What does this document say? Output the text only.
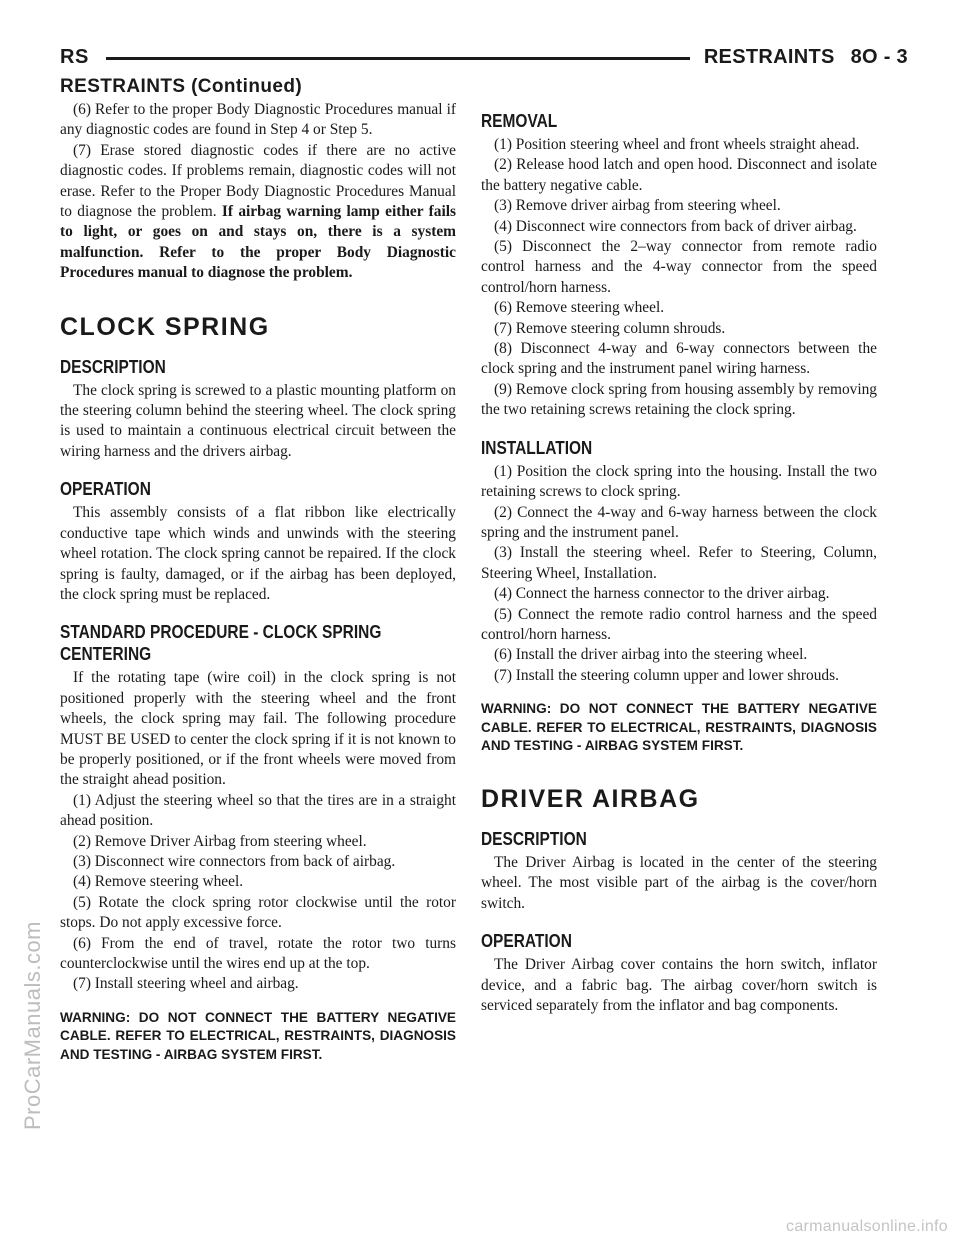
RS	RESTRAINTS 8O - 3
RESTRAINTS (Continued)

(6) Refer to the proper Body Diagnostic Procedures manual if any diagnostic codes are found in Step 4 or Step 5.

(7) Erase stored diagnostic codes if there are no active diagnostic codes. If problems remain, diagnostic codes will not erase. Refer to the Proper Body Diagnostic Procedures Manual to diagnose the problem. If airbag warning lamp either fails to light, or goes on and stays on, there is a system malfunction. Refer to the proper Body Diagnostic Procedures manual to diagnose the problem.

CLOCK SPRING
DESCRIPTION

The clock spring is screwed to a plastic mounting platform on the steering column behind the steering wheel. The clock spring is used to maintain a continuous electrical circuit between the wiring harness and the drivers airbag.

OPERATION

This assembly consists of a flat ribbon like electrically conductive tape which winds and unwinds with the steering wheel rotation. The clock spring cannot be repaired. If the clock spring is faulty, damaged, or if the airbag has been deployed, the clock spring must be replaced.

STANDARD PROCEDURE - CLOCK SPRING CENTERING

If the rotating tape (wire coil) in the clock spring is not positioned properly with the steering wheel and the front wheels, the clock spring may fail. The following procedure MUST BE USED to center the clock spring if it is not known to be properly positioned, or if the front wheels were moved from the straight ahead position.

(1) Adjust the steering wheel so that the tires are in a straight ahead position.

(2) Remove Driver Airbag from steering wheel.

(3) Disconnect wire connectors from back of airbag.

(4) Remove steering wheel.

(5) Rotate the clock spring rotor clockwise until the rotor stops. Do not apply excessive force.

(6) From the end of travel, rotate the rotor two turns counterclockwise until the wires end up at the top.

(7) Install steering wheel and airbag.

WARNING: DO NOT CONNECT THE BATTERY NEGATIVE CABLE. REFER TO ELECTRICAL, RESTRAINTS, DIAGNOSIS AND TESTING - AIRBAG SYSTEM FIRST.
REMOVAL

(1) Position steering wheel and front wheels straight ahead.

(2) Release hood latch and open hood. Disconnect and isolate the battery negative cable.

(3) Remove driver airbag from steering wheel.

(4) Disconnect wire connectors from back of driver airbag.

(5) Disconnect the 2–way connector from remote radio control harness and the 4-way connector from the speed control/horn harness.

(6) Remove steering wheel.

(7) Remove steering column shrouds.

(8) Disconnect 4-way and 6-way connectors between the clock spring and the instrument panel wiring harness.

(9) Remove clock spring from housing assembly by removing the two retaining screws retaining the clock spring.

INSTALLATION

(1) Position the clock spring into the housing. Install the two retaining screws to clock spring.

(2) Connect the 4-way and 6-way harness between the clock spring and the instrument panel.

(3) Install the steering wheel. Refer to Steering, Column, Steering Wheel, Installation.

(4) Connect the harness connector to the driver airbag.

(5) Connect the remote radio control harness and the speed control/horn harness.

(6) Install the driver airbag into the steering wheel.

(7) Install the steering column upper and lower shrouds.

WARNING: DO NOT CONNECT THE BATTERY NEGATIVE CABLE. REFER TO ELECTRICAL, RESTRAINTS, DIAGNOSIS AND TESTING - AIRBAG SYSTEM FIRST.
DRIVER AIRBAG
DESCRIPTION

The Driver Airbag is located in the center of the steering wheel. The most visible part of the airbag is the cover/horn switch.

OPERATION

The Driver Airbag cover contains the horn switch, inflator device, and a fabric bag. The airbag cover/horn switch is serviced separately from the inflator and bag components.

ProCarManuals.com
carmanualsonline.info
